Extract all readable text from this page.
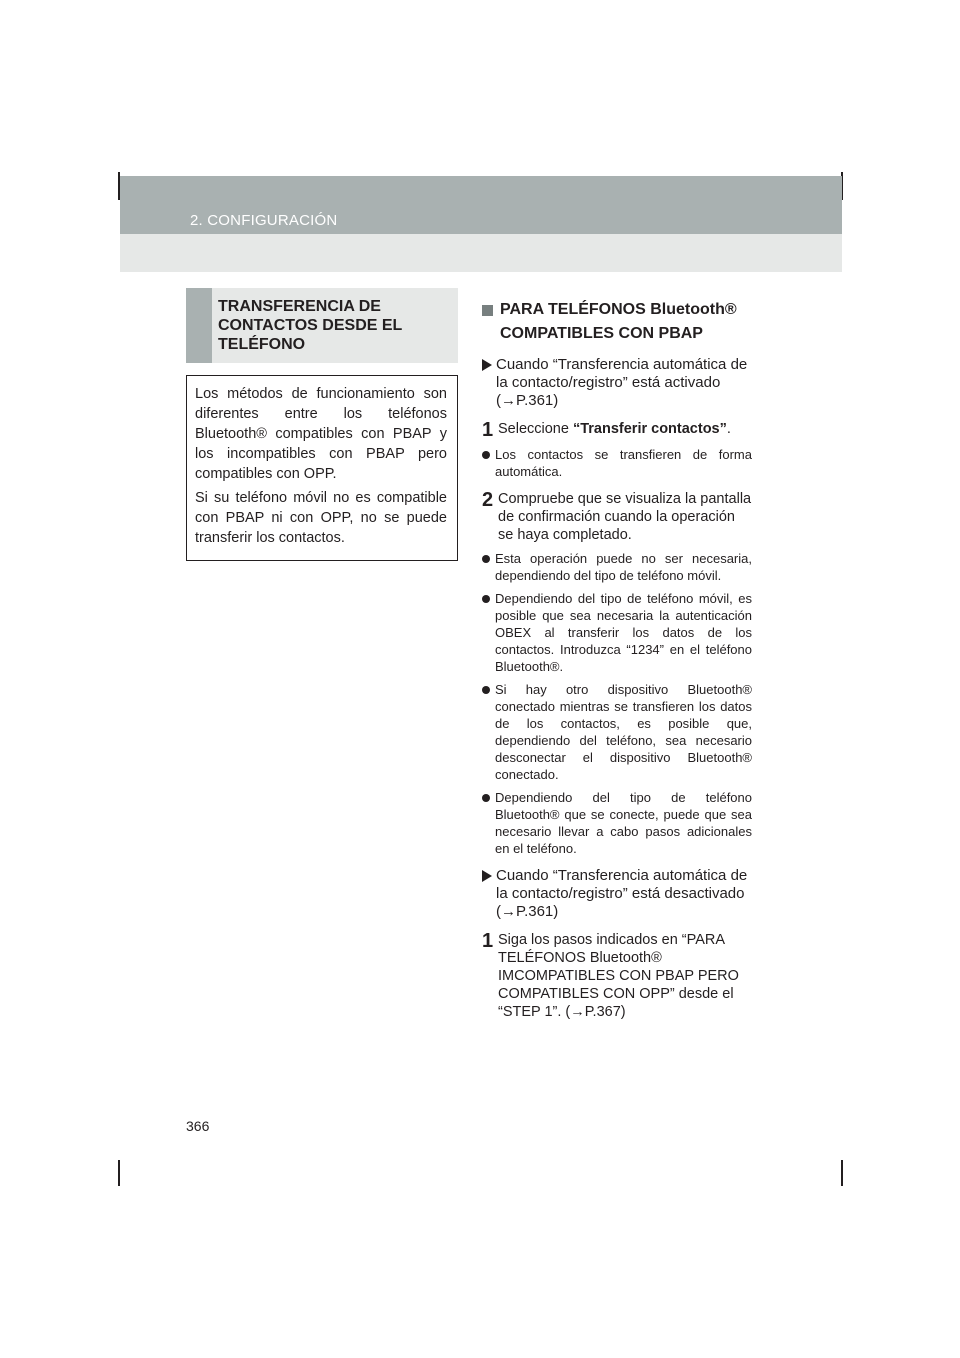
2. CONFIGURACIÓN
TRANSFERENCIA DE CONTACTOS DESDE EL TELÉFONO

Los métodos de funcionamiento son diferentes entre los teléfonos Bluetooth® compatibles con PBAP y los incompatibles con PBAP pero compatibles con OPP.

Si su teléfono móvil no es compatible con PBAP ni con OPP, no se puede transferir los contactos.

PARA TELÉFONOS Bluetooth® COMPATIBLES CON PBAP
Cuando “Transferencia automática de la contacto/registro” está activado (→P.361)
1 Seleccione “Transferir contactos”.
Los contactos se transfieren de forma automática.
2 Compruebe que se visualiza la pantalla de confirmación cuando la operación se haya completado.
Esta operación puede no ser necesaria, dependiendo del tipo de teléfono móvil.
Dependiendo del tipo de teléfono móvil, es posible que sea necesaria la autenticación OBEX al transferir los datos de los contactos. Introduzca “1234” en el teléfono Bluetooth®.
Si hay otro dispositivo Bluetooth® conectado mientras se transfieren los datos de los contactos, es posible que, dependiendo del teléfono, sea necesario desconectar el dispositivo Bluetooth® conectado.
Dependiendo del tipo de teléfono Bluetooth® que se conecte, puede que sea necesario llevar a cabo pasos adicionales en el teléfono.
Cuando “Transferencia automática de la contacto/registro” está desactivado (→P.361)
1 Siga los pasos indicados en “PARA TELÉFONOS Bluetooth® IMCOMPATIBLES CON PBAP PERO COMPATIBLES CON OPP” desde el “STEP 1”. (→P.367)
366
